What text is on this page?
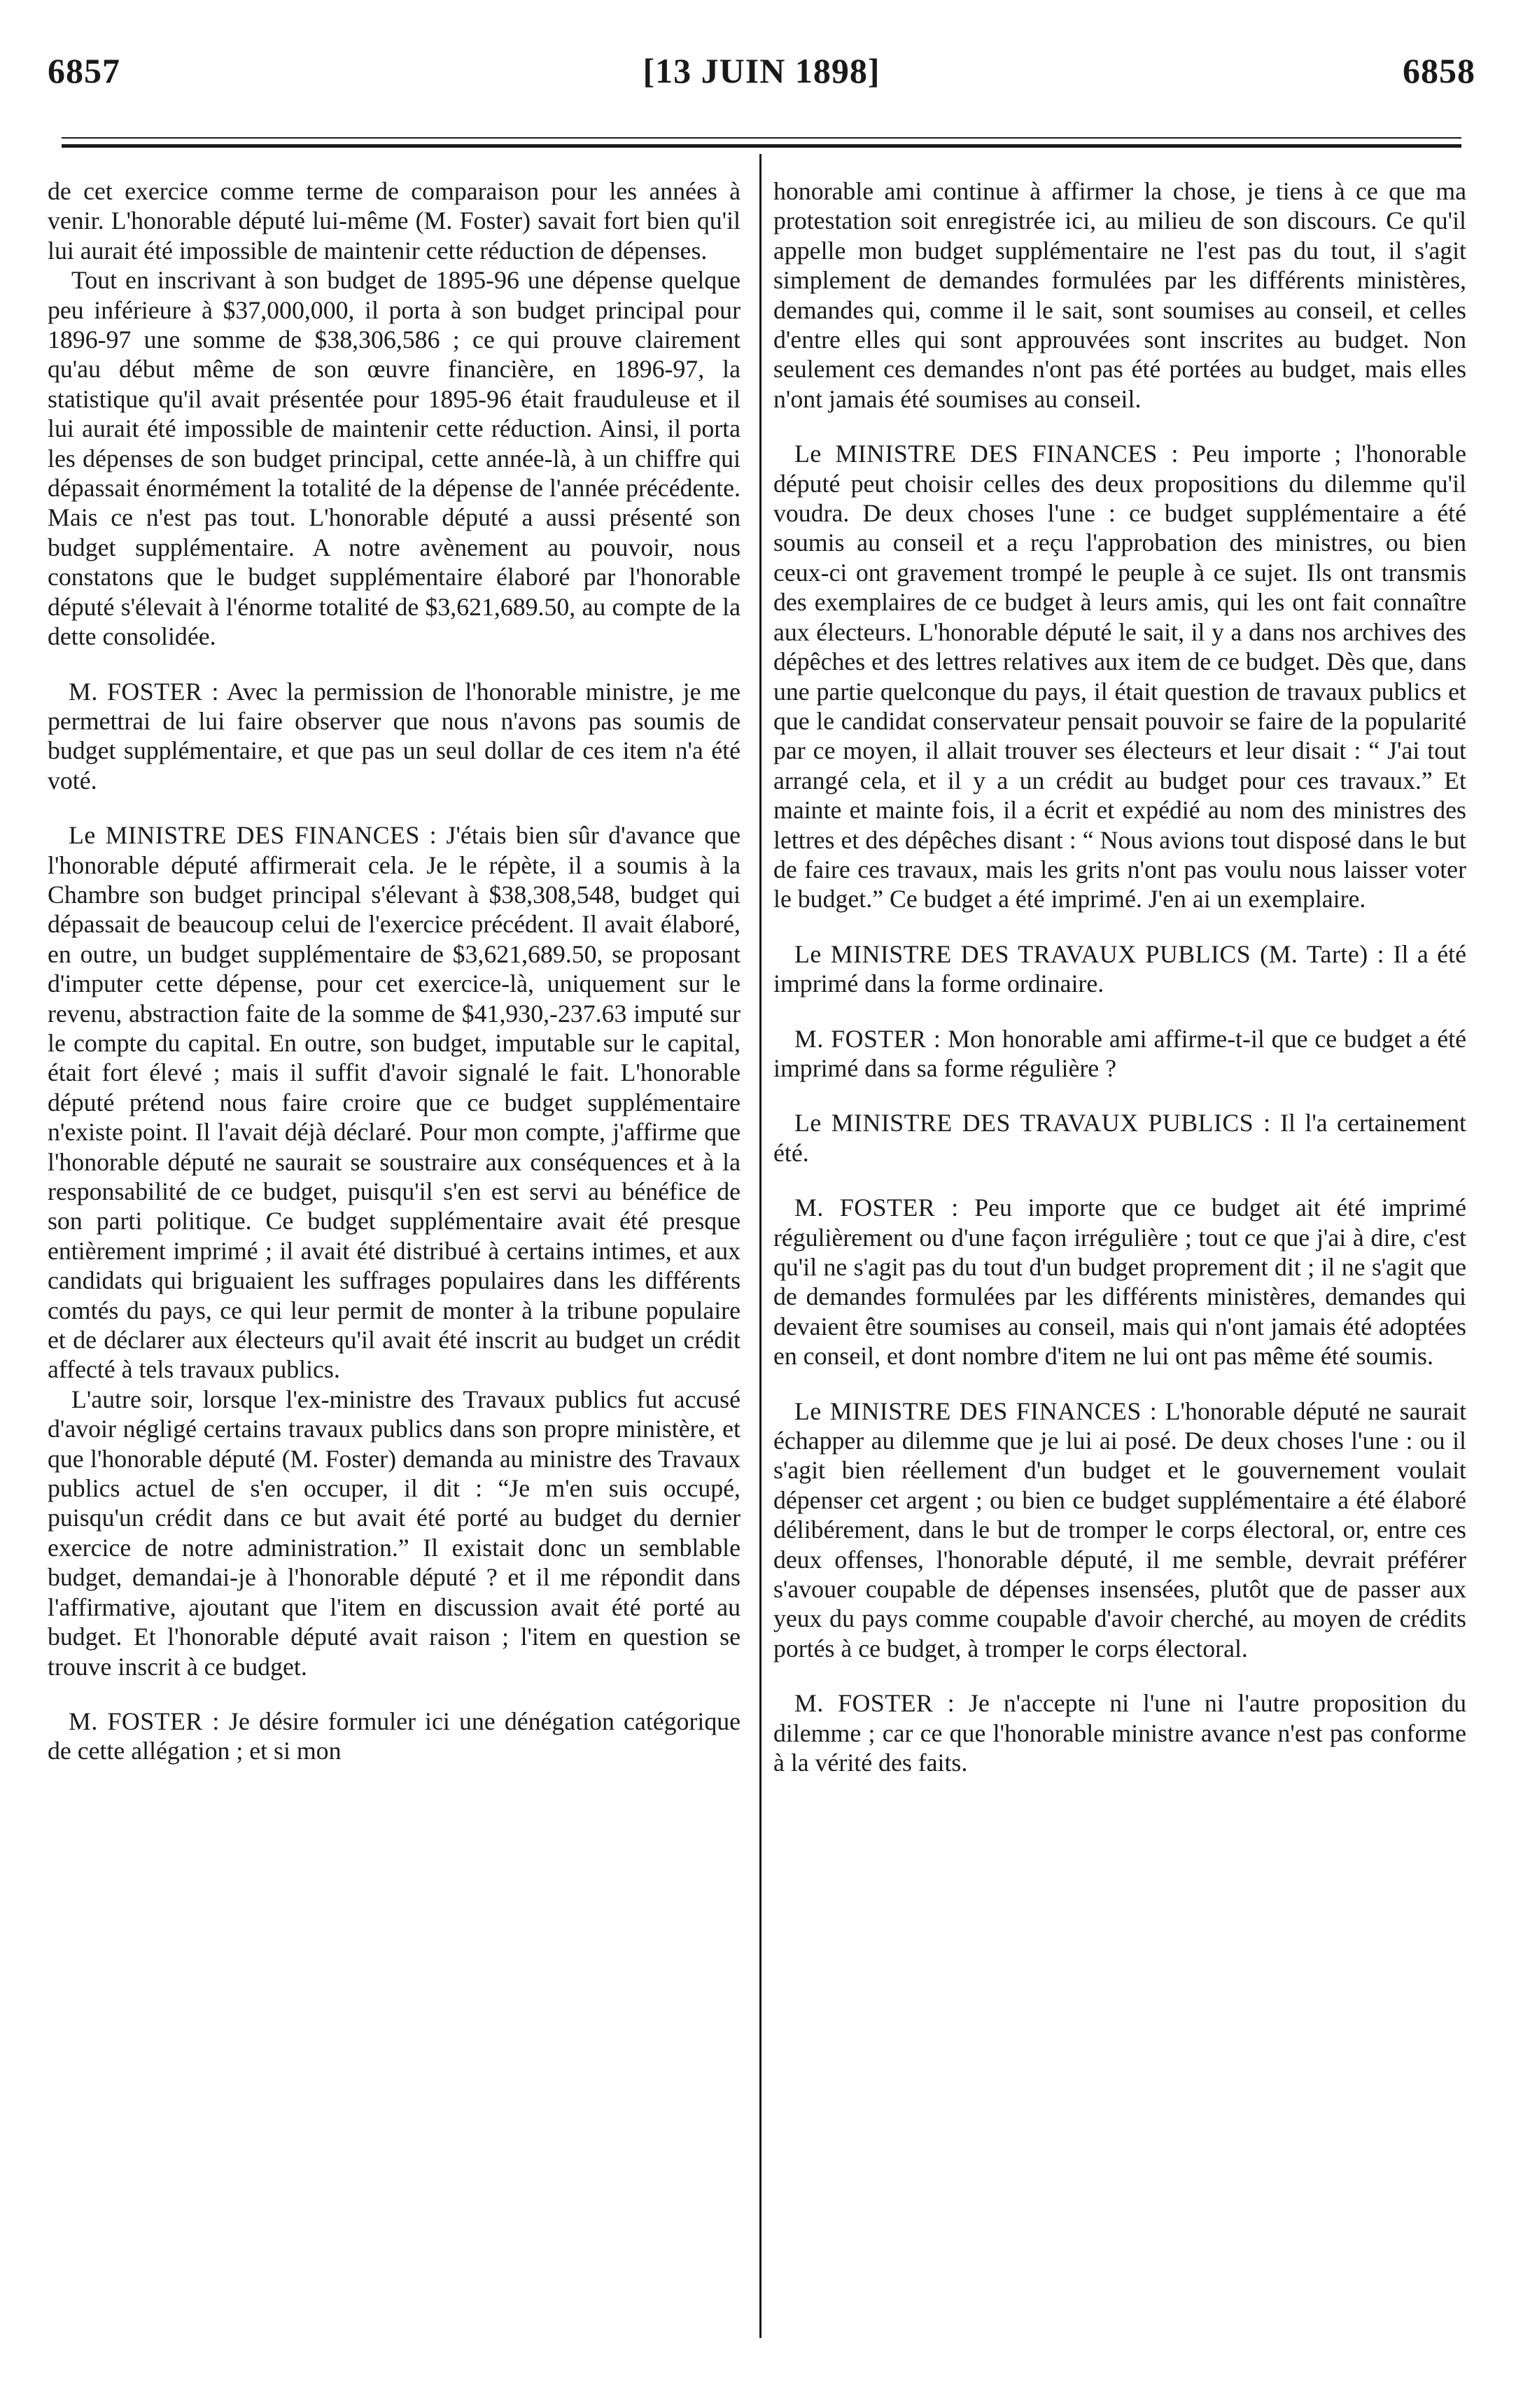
6857	[13 JUIN 1898]	6858

de cet exercice comme terme de comparaison pour les années à venir. L'honorable député lui-même (M. Foster) savait fort bien qu'il lui aurait été impossible de maintenir cette réduction de dépenses.

Tout en inscrivant à son budget de 1895-96 une dépense quelque peu inférieure à $37,000,000, il porta à son budget principal pour 1896-97 une somme de $38,306,586 ; ce qui prouve clairement qu'au début même de son œuvre financière, en 1896-97, la statistique qu'il avait présentée pour 1895-96 était frauduleuse et il lui aurait été impossible de maintenir cette réduction. Ainsi, il porta les dépenses de son budget principal, cette année-là, à un chiffre qui dépassait énormément la totalité de la dépense de l'année précédente. Mais ce n'est pas tout. L'honorable député a aussi présenté son budget supplémentaire. A notre avènement au pouvoir, nous constatons que le budget supplémentaire élaboré par l'honorable député s'élevait à l'énorme totalité de $3,621,689.50, au compte de la dette consolidée.

M. FOSTER : Avec la permission de l'honorable ministre, je me permettrai de lui faire observer que nous n'avons pas soumis de budget supplémentaire, et que pas un seul dollar de ces item n'a été voté.

Le MINISTRE DES FINANCES : J'étais bien sûr d'avance que l'honorable député affirmerait cela. Je le répète, il a soumis à la Chambre son budget principal s'élevant à $38,308,548, budget qui dépassait de beaucoup celui de l'exercice précédent. Il avait élaboré, en outre, un budget supplémentaire de $3,621,689.50, se proposant d'imputer cette dépense, pour cet exercice-là, uniquement sur le revenu, abstraction faite de la somme de $41,930,-237.63 imputé sur le compte du capital. En outre, son budget, imputable sur le capital, était fort élevé ; mais il suffit d'avoir signalé le fait. L'honorable député prétend nous faire croire que ce budget supplémentaire n'existe point. Il l'avait déjà déclaré. Pour mon compte, j'affirme que l'honorable député ne saurait se soustraire aux conséquences et à la responsabilité de ce budget, puisqu'il s'en est servi au bénéfice de son parti politique. Ce budget supplémentaire avait été presque entièrement imprimé ; il avait été distribué à certains intimes, et aux candidats qui briguaient les suffrages populaires dans les différents comtés du pays, ce qui leur permit de monter à la tribune populaire et de déclarer aux électeurs qu'il avait été inscrit au budget un crédit affecté à tels travaux publics.

L'autre soir, lorsque l'ex-ministre des Travaux publics fut accusé d'avoir négligé certains travaux publics dans son propre ministère, et que l'honorable député (M. Foster) demanda au ministre des Travaux publics actuel de s'en occuper, il dit : “Je m'en suis occupé, puisqu'un crédit dans ce but avait été porté au budget du dernier exercice de notre administration.” Il existait donc un semblable budget, demandai-je à l'honorable député ? et il me répondit dans l'affirmative, ajoutant que l'item en discussion avait été porté au budget. Et l'honorable député avait raison ; l'item en question se trouve inscrit à ce budget.

M. FOSTER : Je désire formuler ici une dénégation catégorique de cette allégation ; et si mon

honorable ami continue à affirmer la chose, je tiens à ce que ma protestation soit enregistrée ici, au milieu de son discours. Ce qu'il appelle mon budget supplémentaire ne l'est pas du tout, il s'agit simplement de demandes formulées par les différents ministères, demandes qui, comme il le sait, sont soumises au conseil, et celles d'entre elles qui sont approuvées sont inscrites au budget. Non seulement ces demandes n'ont pas été portées au budget, mais elles n'ont jamais été soumises au conseil.

Le MINISTRE DES FINANCES : Peu importe ; l'honorable député peut choisir celles des deux propositions du dilemme qu'il voudra. De deux choses l'une : ce budget supplémentaire a été soumis au conseil et a reçu l'approbation des ministres, ou bien ceux-ci ont gravement trompé le peuple à ce sujet. Ils ont transmis des exemplaires de ce budget à leurs amis, qui les ont fait connaître aux électeurs. L'honorable député le sait, il y a dans nos archives des dépêches et des lettres relatives aux item de ce budget. Dès que, dans une partie quelconque du pays, il était question de travaux publics et que le candidat conservateur pensait pouvoir se faire de la popularité par ce moyen, il allait trouver ses électeurs et leur disait : “ J'ai tout arrangé cela, et il y a un crédit au budget pour ces travaux.” Et mainte et mainte fois, il a écrit et expédié au nom des ministres des lettres et des dépêches disant : “ Nous avions tout disposé dans le but de faire ces travaux, mais les grits n'ont pas voulu nous laisser voter le budget.” Ce budget a été imprimé. J'en ai un exemplaire.

Le MINISTRE DES TRAVAUX PUBLICS (M. Tarte) : Il a été imprimé dans la forme ordinaire.

M. FOSTER : Mon honorable ami affirme-t-il que ce budget a été imprimé dans sa forme régulière ?

Le MINISTRE DES TRAVAUX PUBLICS : Il l'a certainement été.

M. FOSTER : Peu importe que ce budget ait été imprimé régulièrement ou d'une façon irrégulière ; tout ce que j'ai à dire, c'est qu'il ne s'agit pas du tout d'un budget proprement dit ; il ne s'agit que de demandes formulées par les différents ministères, demandes qui devaient être soumises au conseil, mais qui n'ont jamais été adoptées en conseil, et dont nombre d'item ne lui ont pas même été soumis.

Le MINISTRE DES FINANCES : L'honorable député ne saurait échapper au dilemme que je lui ai posé. De deux choses l'une : ou il s'agit bien réellement d'un budget et le gouvernement voulait dépenser cet argent ; ou bien ce budget supplémentaire a été élaboré délibérement, dans le but de tromper le corps électoral, or, entre ces deux offenses, l'honorable député, il me semble, devrait préférer s'avouer coupable de dépenses insensées, plutôt que de passer aux yeux du pays comme coupable d'avoir cherché, au moyen de crédits portés à ce budget, à tromper le corps électoral.

M. FOSTER : Je n'accepte ni l'une ni l'autre proposition du dilemme ; car ce que l'honorable ministre avance n'est pas conforme à la vérité des faits.
